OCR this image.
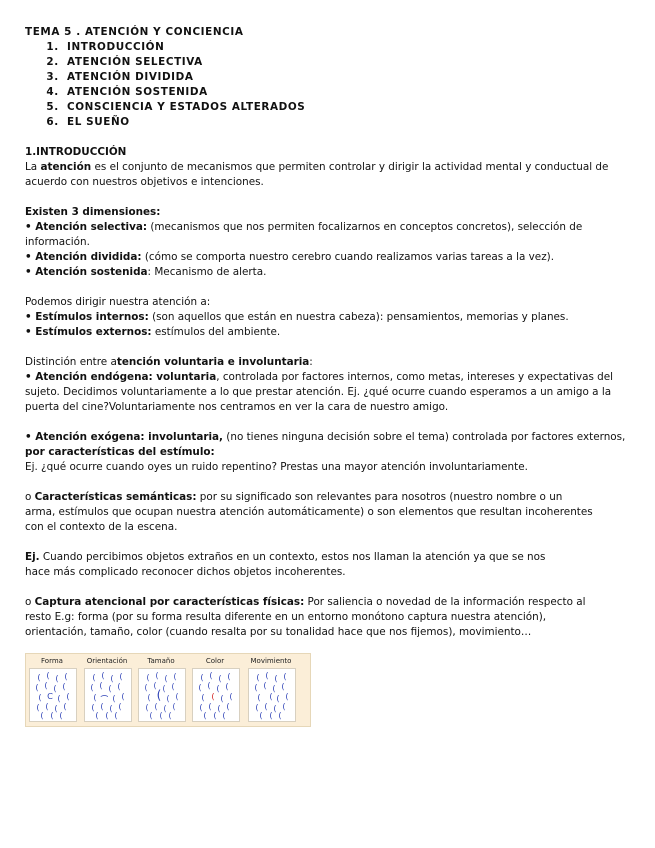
TEMA 5 . ATENCIÓN Y CONCIENCIA

1. INTRODUCCIÓN
2. ATENCIÓN SELECTIVA
3. ATENCIÓN DIVIDIDA
4. ATENCIÓN SOSTENIDA
5. CONSCIENCIA Y ESTADOS ALTERADOS
6. EL SUEÑO

1.INTRODUCCIÓN

La atención es el conjunto de mecanismos que permiten controlar y dirigir la actividad mental y conductual de acuerdo con nuestros objetivos e intenciones.

Existen 3 dimensiones:

• Atención selectiva: (mecanismos que nos permiten focalizarnos en conceptos concretos), selección de información.

• Atención dividida: (cómo se comporta nuestro cerebro cuando realizamos varias tareas a la vez).

• Atención sostenida: Mecanismo de alerta.

Podemos dirigir nuestra atención a:

• Estímulos internos: (son aquellos que están en nuestra cabeza): pensamientos, memorias y planes.

• Estímulos externos: estímulos del ambiente.

Distinción entre atención voluntaria e involuntaria:

• Atención endógena: voluntaria, controlada por factores internos, como metas, intereses y expectativas del sujeto. Decidimos voluntariamente a lo que prestar atención. Ej. ¿qué ocurre cuando esperamos a un amigo a la puerta del cine?Voluntariamente nos centramos en ver la cara de nuestro amigo.

• Atención exógena: involuntaria, (no tienes ninguna decisión sobre el tema) controlada por factores externos, por características del estímulo:

Ej. ¿qué ocurre cuando oyes un ruido repentino? Prestas una mayor atención involuntariamente.

o Características semánticas: por su significado son relevantes para nosotros (nuestro nombre o un

arma, estímulos que ocupan nuestra atención automáticamente) o son elementos que resultan incoherentes

con el contexto de la escena.

Ej. Cuando percibimos objetos extraños en un contexto, estos nos llaman la atención ya que se nos

hace más complicado reconocer dichos objetos incoherentes.

o Captura atencional por características físicas: Por saliencia o novedad de la información respecto al

resto E.g: forma (por su forma resulta diferente en un entorno monótono captura nuestra atención),

orientación, tamaño, color (cuando resalta por su tonalidad hace que nos fijemos), movimiento…

Forma
( ( ( (
( ( ( (
( C ( (
( ( ( (
( ( (
Orientación
( ( ( (
( ( ( (
( ( ( (
( ( ( (
( ( (
Tamaño
( ( ( (
( ( ( (
( ( ( (
( ( ( (
( ( (
Color
( ( ( (
( ( ( (
( ( ( (
( ( ( (
( ( (
Movimiento
( ( ( (
( ( ( (
( ( ( (
( ( ( (
( ( (
